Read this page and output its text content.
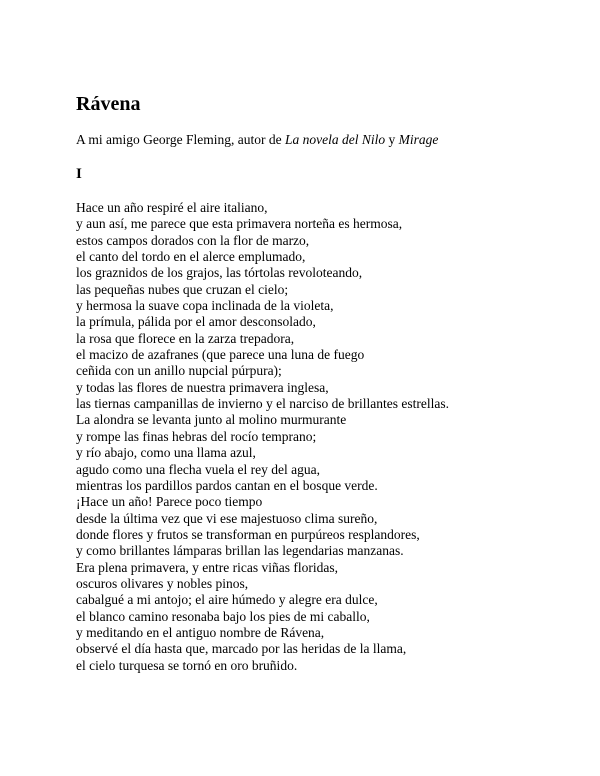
Rávena

A mi amigo George Fleming, autor de La novela del Nilo y Mirage

I
Hace un año respiré el aire italiano,
y aun así, me parece que esta primavera norteña es hermosa,
estos campos dorados con la flor de marzo,
el canto del tordo en el alerce emplumado,
los graznidos de los grajos, las tórtolas revoloteando,
las pequeñas nubes que cruzan el cielo;
y hermosa la suave copa inclinada de la violeta,
la prímula, pálida por el amor desconsolado,
la rosa que florece en la zarza trepadora,
el macizo de azafranes (que parece una luna de fuego
ceñida con un anillo nupcial púrpura);
y todas las flores de nuestra primavera inglesa,
las tiernas campanillas de invierno y el narciso de brillantes estrellas.
La alondra se levanta junto al molino murmurante
y rompe las finas hebras del rocío temprano;
y río abajo, como una llama azul,
agudo como una flecha vuela el rey del agua,
mientras los pardillos pardos cantan en el bosque verde.
¡Hace un año! Parece poco tiempo
desde la última vez que vi ese majestuoso clima sureño,
donde flores y frutos se transforman en purpúreos resplandores,
y como brillantes lámparas brillan las legendarias manzanas.
Era plena primavera, y entre ricas viñas floridas,
oscuros olivares y nobles pinos,
cabalgué a mi antojo; el aire húmedo y alegre era dulce,
el blanco camino resonaba bajo los pies de mi caballo,
y meditando en el antiguo nombre de Rávena,
observé el día hasta que, marcado por las heridas de la llama,
el cielo turquesa se tornó en oro bruñido.
